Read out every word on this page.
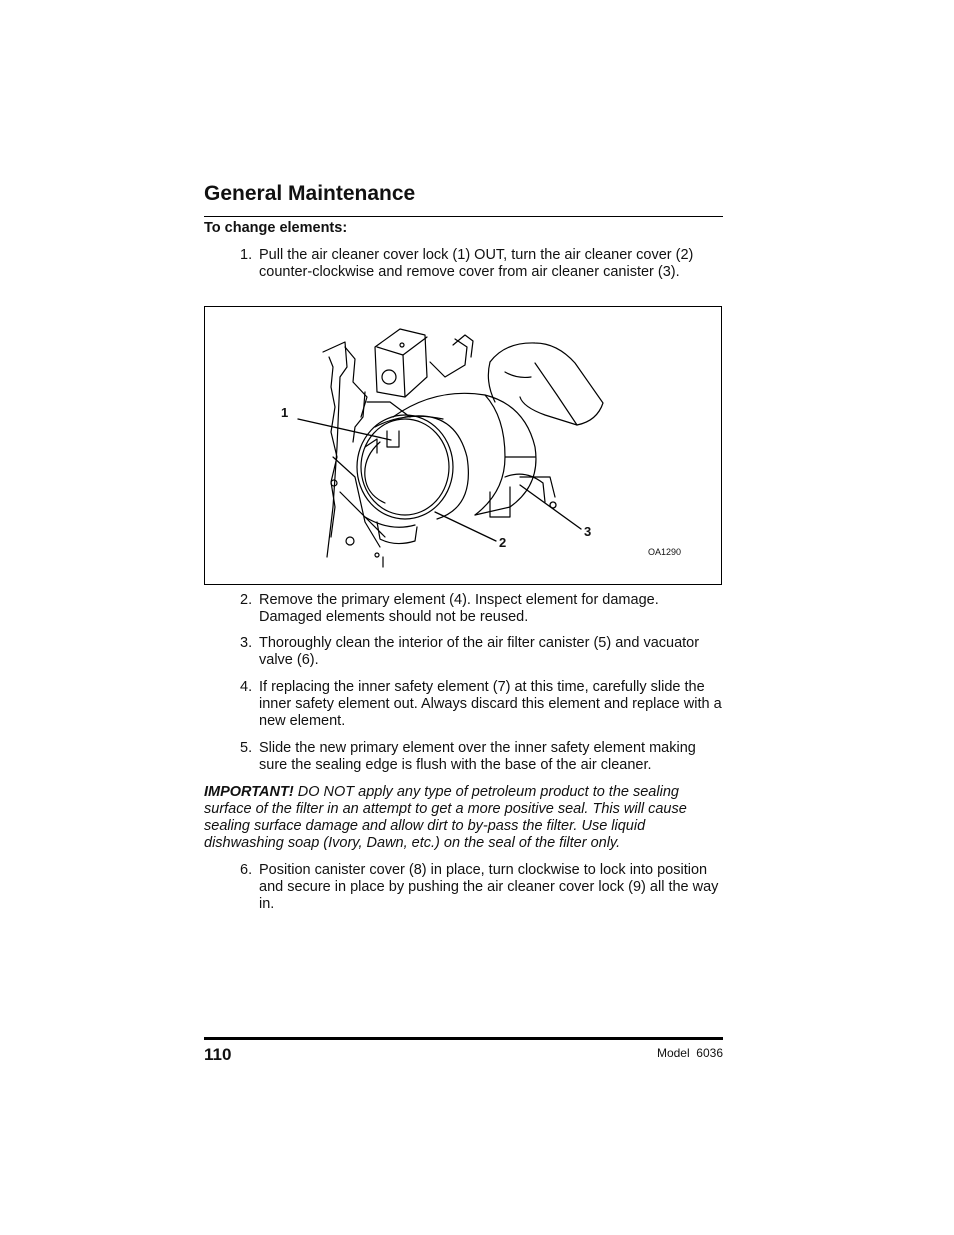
General Maintenance
To change elements:
1. Pull the air cleaner cover lock (1) OUT, turn the air cleaner cover (2) counter-clockwise and remove cover from air cleaner canister (3).
1
2
3
OA1290
2. Remove the primary element (4). Inspect element for damage. Damaged elements should not be reused.
3. Thoroughly clean the interior of the air filter canister (5) and vacuator valve (6).
4. If replacing the inner safety element (7) at this time, carefully slide the inner safety element out. Always discard this element and replace with a new element.
5. Slide the new primary element over the inner safety element making sure the sealing edge is flush with the base of the air cleaner.
IMPORTANT! DO NOT apply any type of petroleum product to the sealing surface of the filter in an attempt to get a more positive seal. This will cause sealing surface damage and allow dirt to by-pass the filter. Use liquid dishwashing soap (Ivory, Dawn, etc.) on the seal of the filter only.
6. Position canister cover (8) in place, turn clockwise to lock into position and secure in place by pushing the air cleaner cover lock (9) all the way in.
110	Model  6036
